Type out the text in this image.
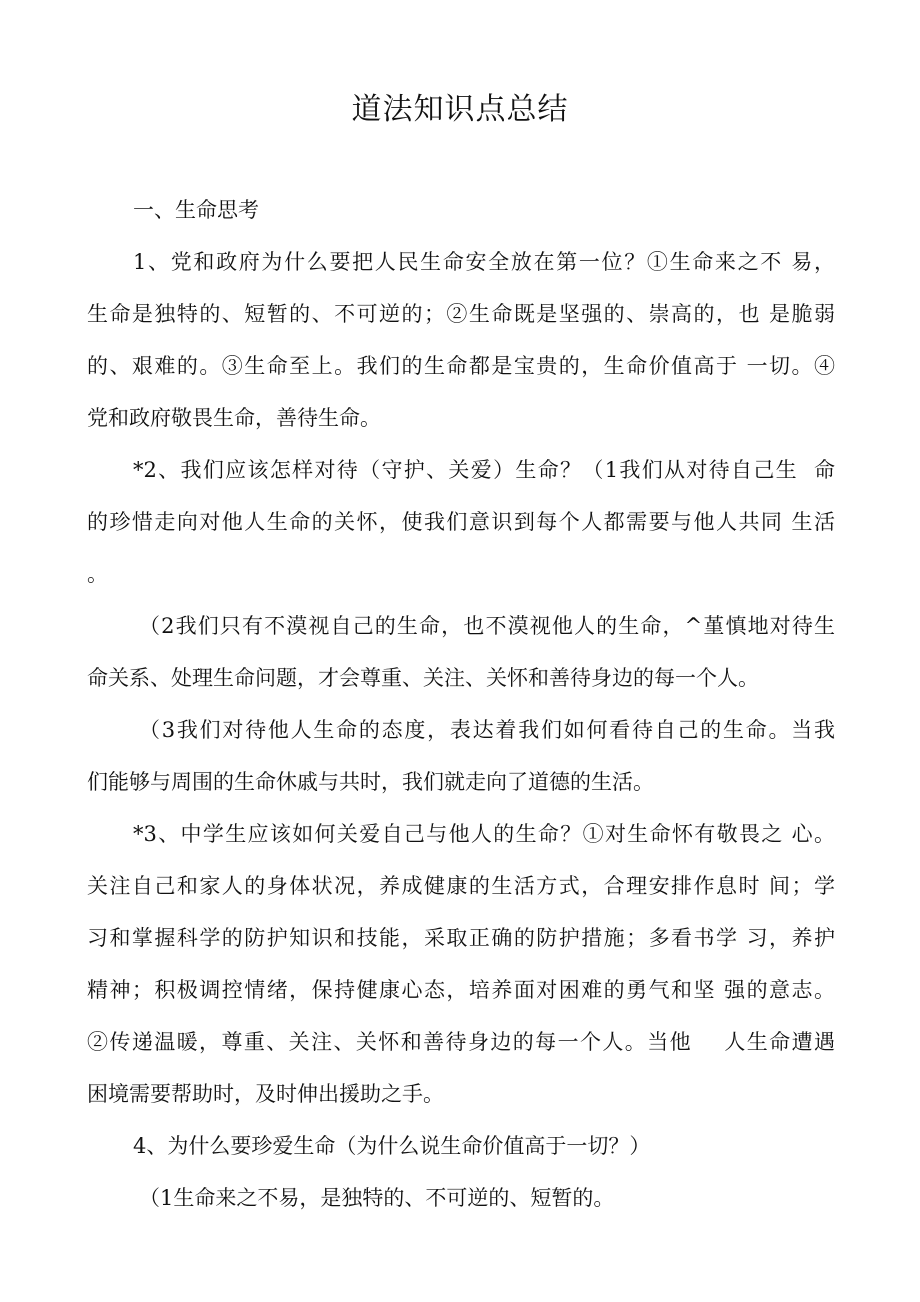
道法知识点总结
一、生命思考
1、党和政府为什么要把人民生命安全放在第一位？①生命来之不 易，
生命是独特的、短暂的、不可逆的；②生命既是坚强的、崇高的，也 是脆弱
的、艰难的。③生命至上。我们的生命都是宝贵的，生命价值高于 一切。④
党和政府敬畏生命，善待生命。
*2、我们应该怎样对待（守护、关爱）生命？（1我们从对待自己生  命
的珍惜走向对他人生命的关怀，使我们意识到每个人都需要与他人共同 生活
。
（2我们只有不漠视自己的生命，也不漠视他人的生命，^堇慎地对待生
命关系、处理生命问题，才会尊重、关注、关怀和善待身边的每一个人。
（3我们对待他人生命的态度，表达着我们如何看待自己的生命。当我
们能够与周围的生命休戚与共时，我们就走向了道德的生活。
*3、中学生应该如何关爱自己与他人的生命？①对生命怀有敬畏之 心。
关注自己和家人的身体状况，养成健康的生活方式，合理安排作息时 间；学
习和掌握科学的防护知识和技能，采取正确的防护措施；多看书学 习，养护
精神；积极调控情绪，保持健康心态，培养面对困难的勇气和坚 强的意志。
②传递温暖，尊重、关注、关怀和善待身边的每一个人。当他    人生命遭遇
困境需要帮助时，及时伸出援助之手。
4、为什么要珍爱生命（为什么说生命价值高于一切？）
（1生命来之不易，是独特的、不可逆的、短暂的。
